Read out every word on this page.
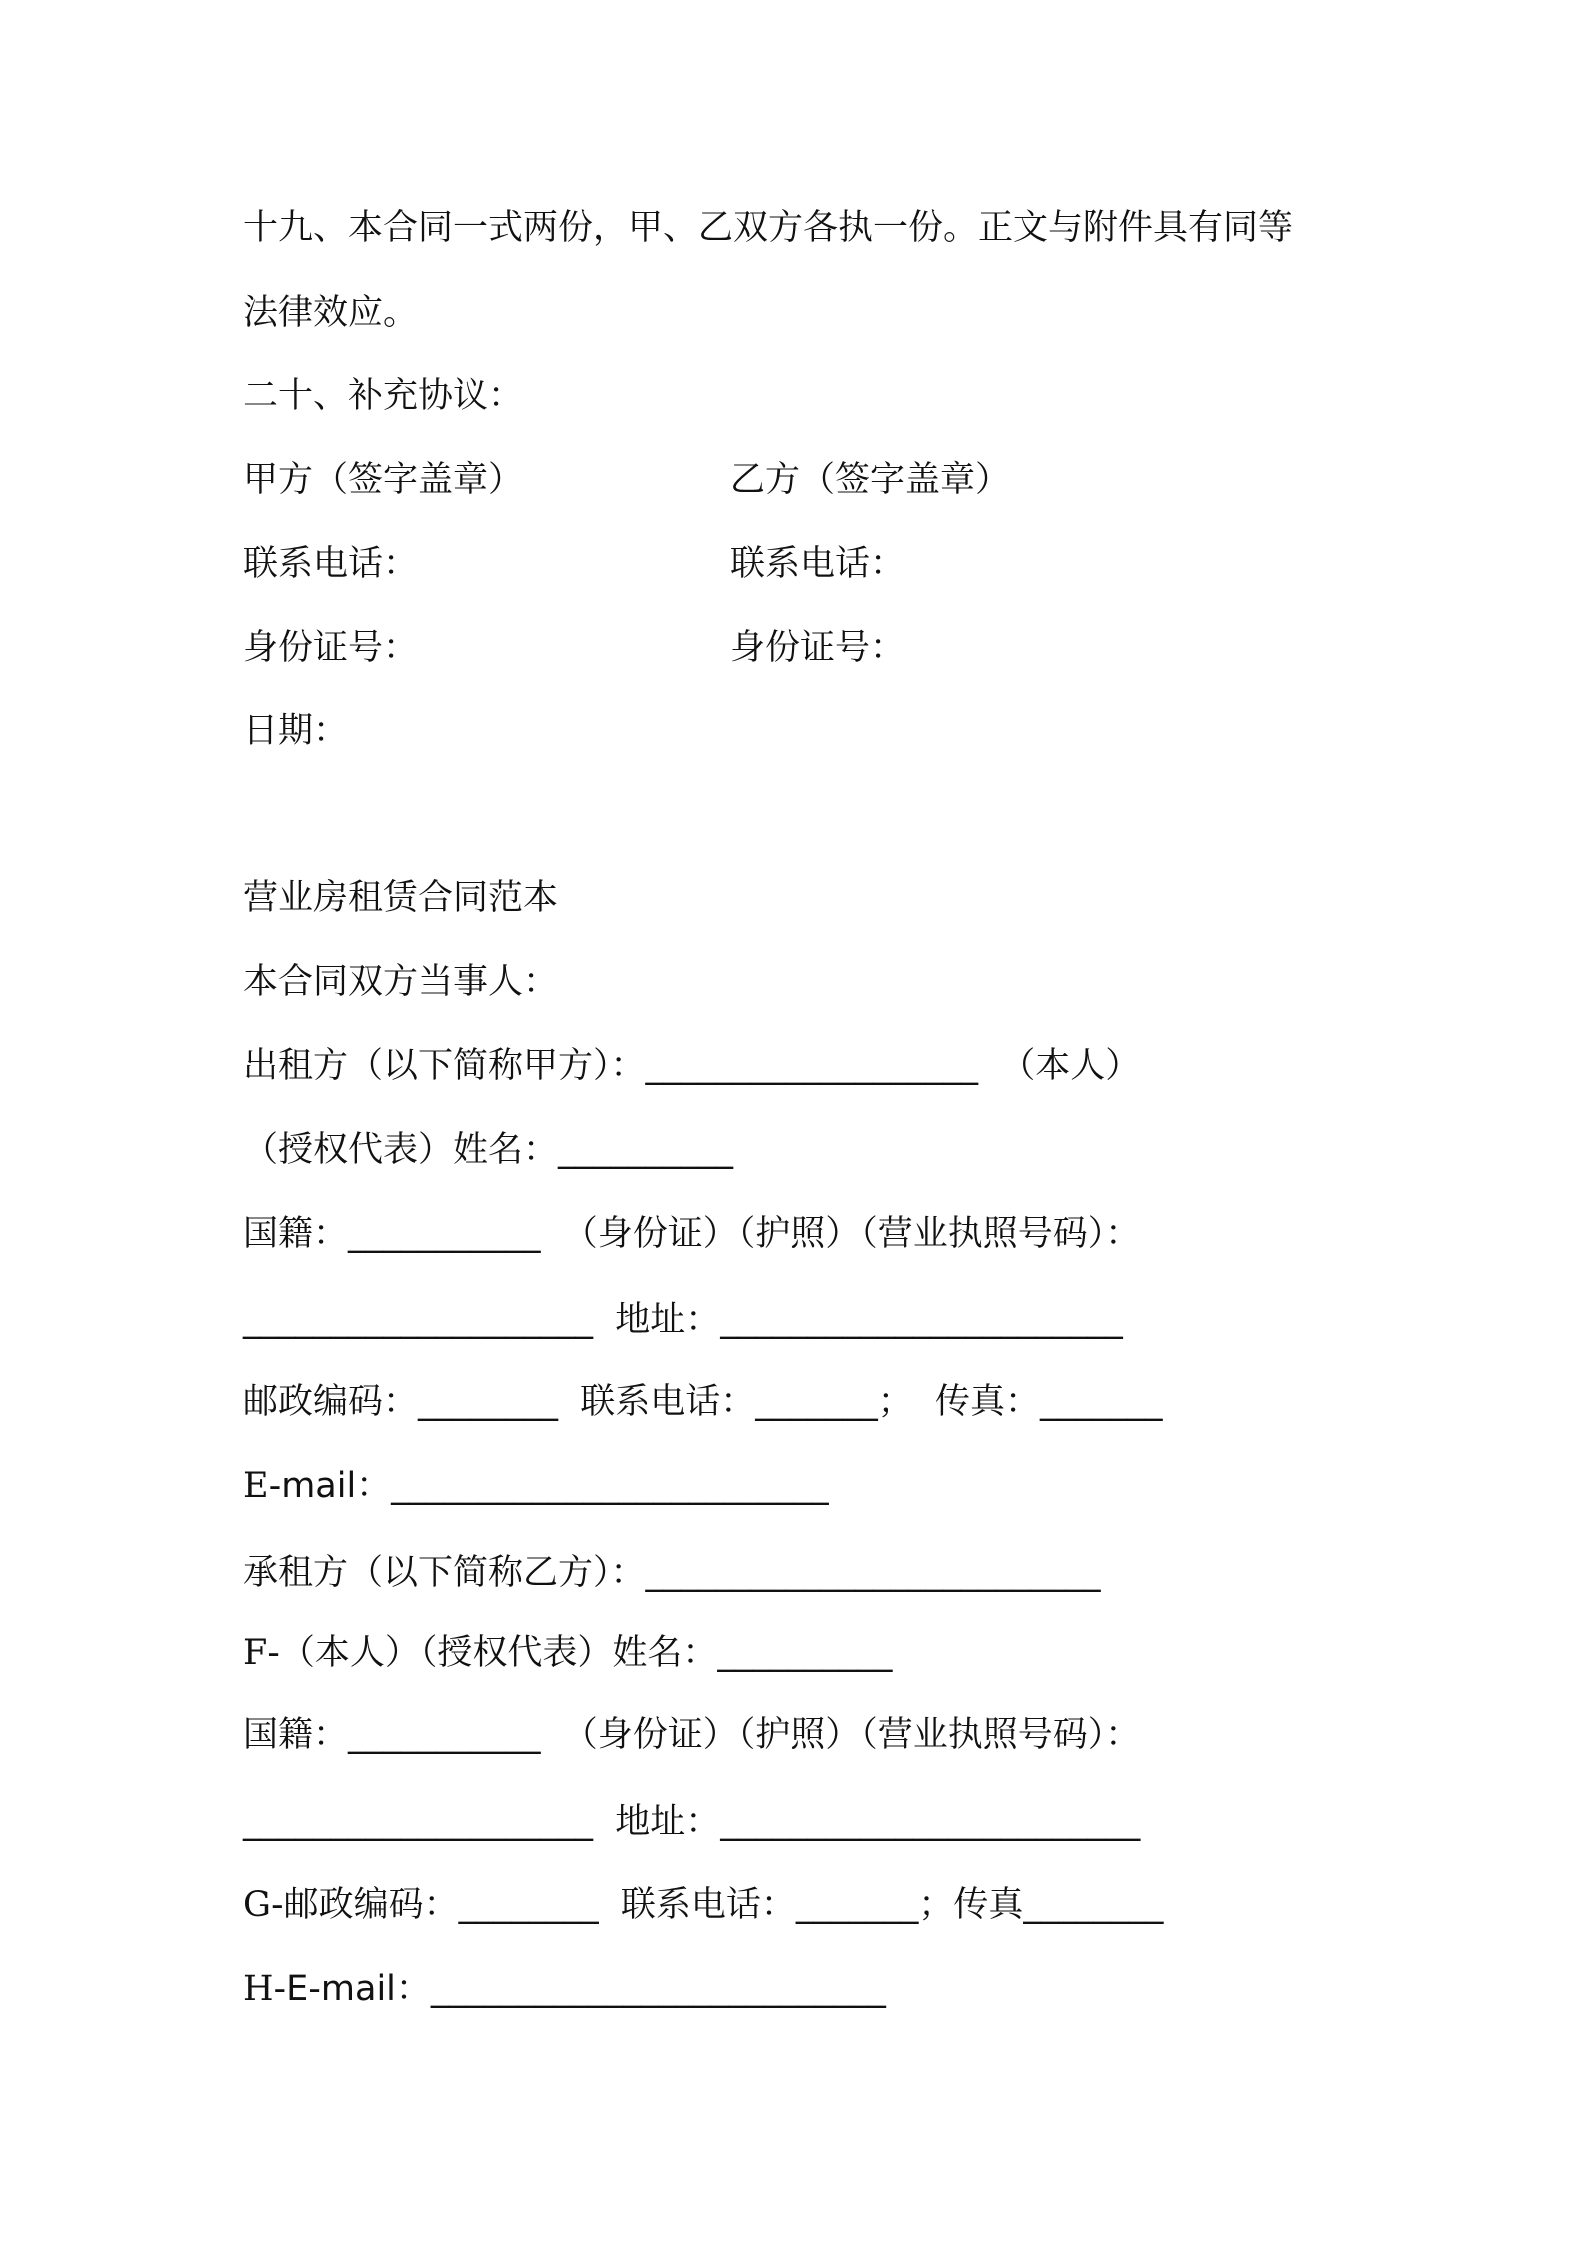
十九、本合同一式两份，甲、乙双方各执一份。正文与附件具有同等
法律效应。
二十、补充协议：
甲方（签字盖章）	乙方（签字盖章）
联系电话：	联系电话：
身份证号：	身份证号：
日期：
营业房租赁合同范本
本合同双方当事人：
出租方（以下简称甲方）：___________________  （本人）
（授权代表）姓名：__________
国籍：___________  （身份证）（护照）（营业执照号码）：
____________________  地址：_______________________
邮政编码：________  联系电话：_______；  传真：_______
E-mail：_________________________
承租方（以下简称乙方）：__________________________
F-（本人）（授权代表）姓名：__________
国籍：___________  （身份证）（护照）（营业执照号码）：
____________________  地址：________________________
G-邮政编码：________  联系电话：_______；传真________
H-E-mail：__________________________
